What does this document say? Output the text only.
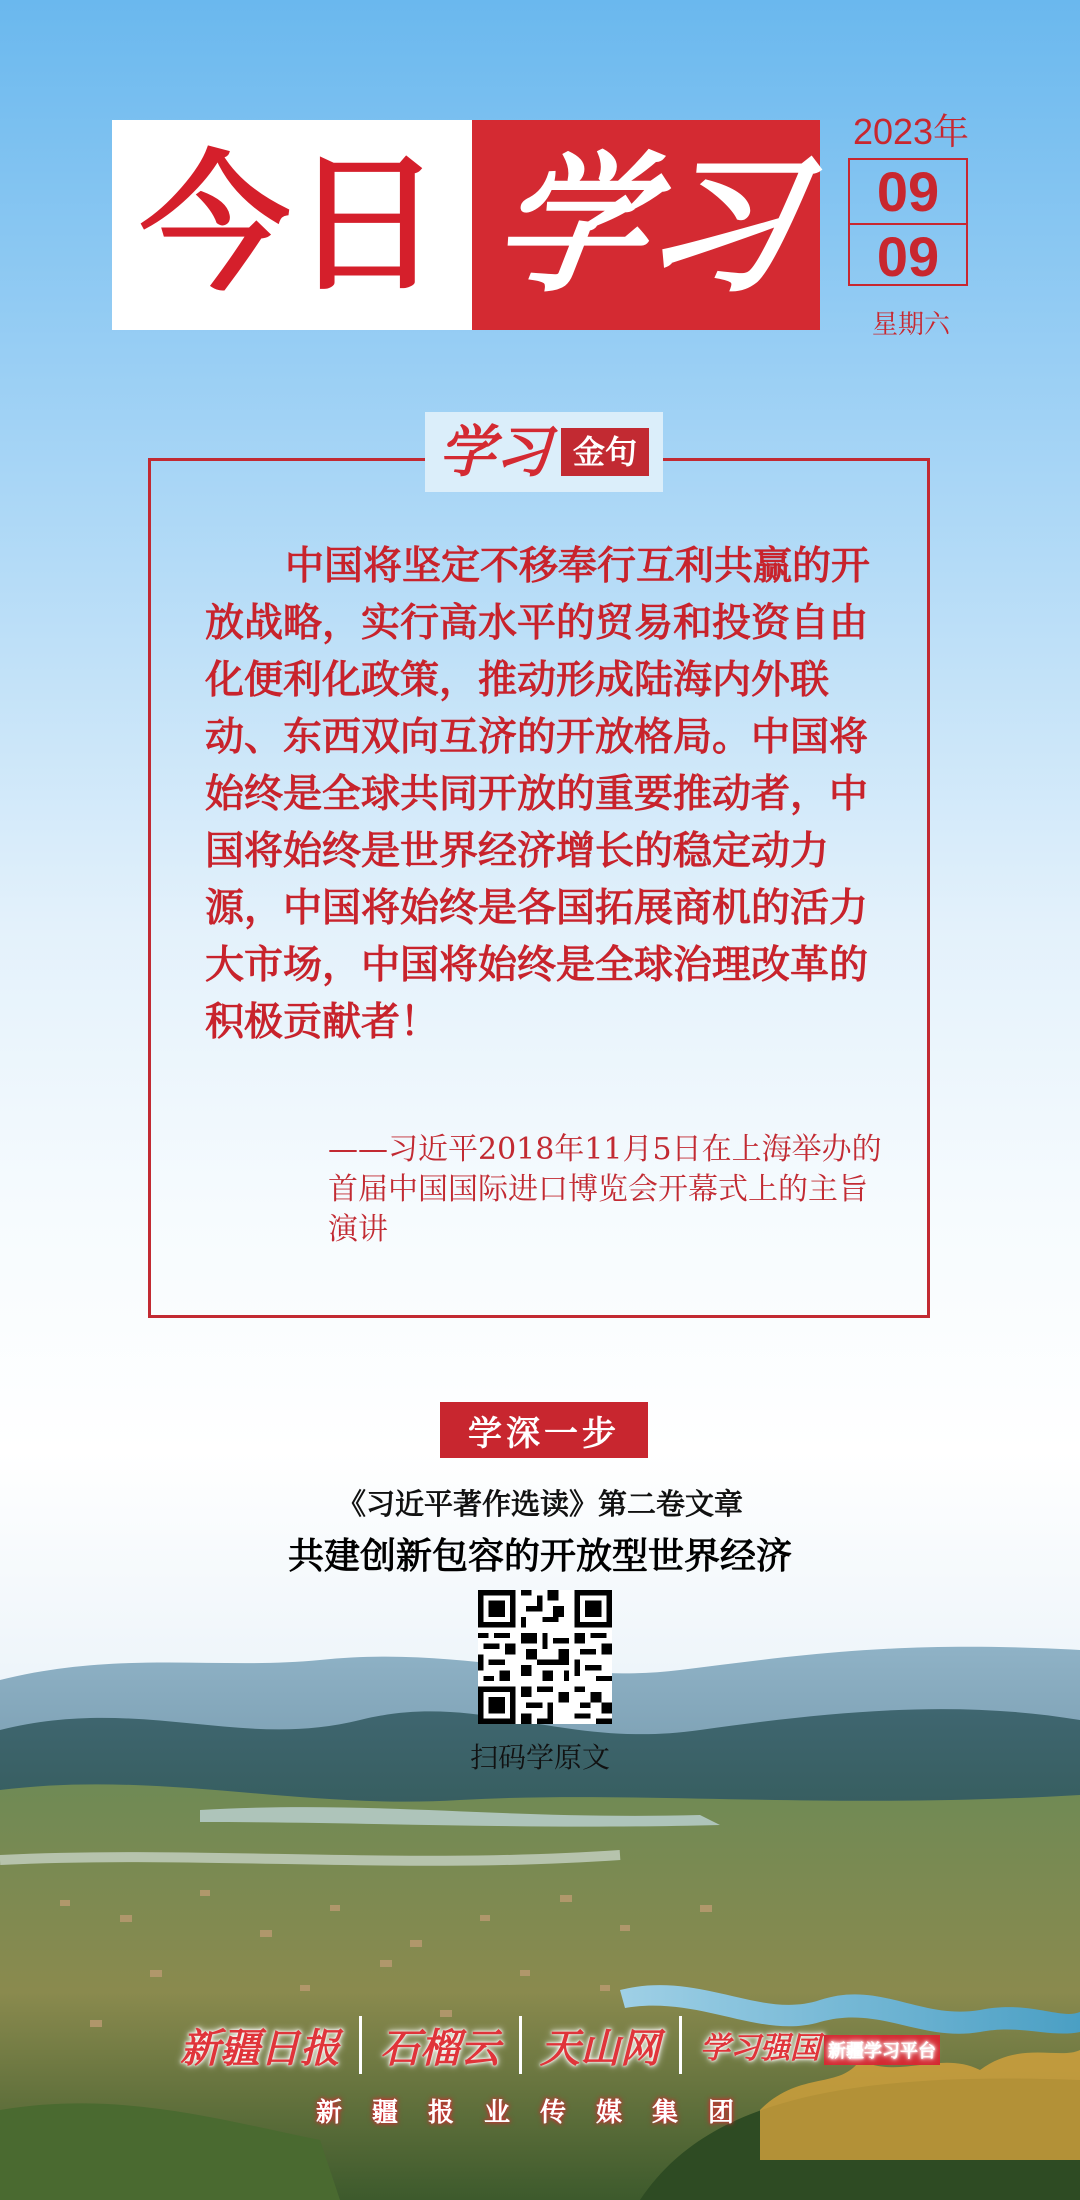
今日 学习
2023年
09
09
星期六
学习 金句

中国将坚定不移奉行互利共赢的开放战略，实行高水平的贸易和投资自由化便利化政策，推动形成陆海内外联动、东西双向互济的开放格局。中国将始终是全球共同开放的重要推动者，中国将始终是世界经济增长的稳定动力源，中国将始终是各国拓展商机的活力大市场，中国将始终是全球治理改革的积极贡献者！

——习近平2018年11月5日在上海举办的首届中国国际进口博览会开幕式上的主旨演讲

学深一步
《习近平著作选读》第二卷文章
共建创新包容的开放型世界经济
扫码学原文
新疆日报 石榴云 天山网 学习强国 新疆学习平台
新疆报业传媒集团
